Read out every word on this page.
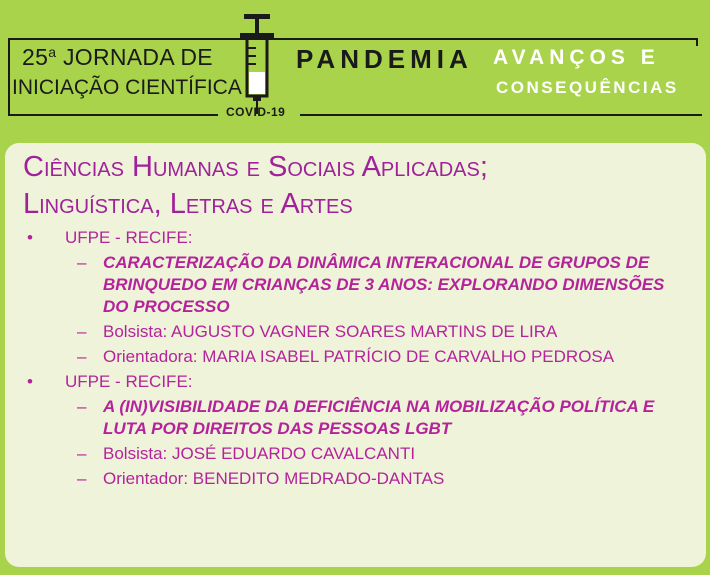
25$^a$ JORNADA DE
INICIAÇÃO CIENTÍFICA
COVID-19
PANDEMIA AVANÇOS E
CONSEQUÊNCIAS
Ciências Humanas e Sociais Aplicadas;
Linguística, Letras e Artes
• UFPE - RECIFE:
– CARACTERIZAÇÃO DA DINÂMICA INTERACIONAL DE GRUPOS DE BRINQUEDO EM CRIANÇAS DE 3 ANOS: EXPLORANDO DIMENSÕES DO PROCESSO
– Bolsista: AUGUSTO VAGNER SOARES MARTINS DE LIRA
– Orientadora: MARIA ISABEL PATRÍCIO DE CARVALHO PEDROSA
• UFPE - RECIFE:
– A (IN)VISIBILIDADE DA DEFICIÊNCIA NA MOBILIZAÇÃO POLÍTICA E LUTA POR DIREITOS DAS PESSOAS LGBT
– Bolsista: JOSÉ EDUARDO CAVALCANTI
– Orientador: BENEDITO MEDRADO-DANTAS
